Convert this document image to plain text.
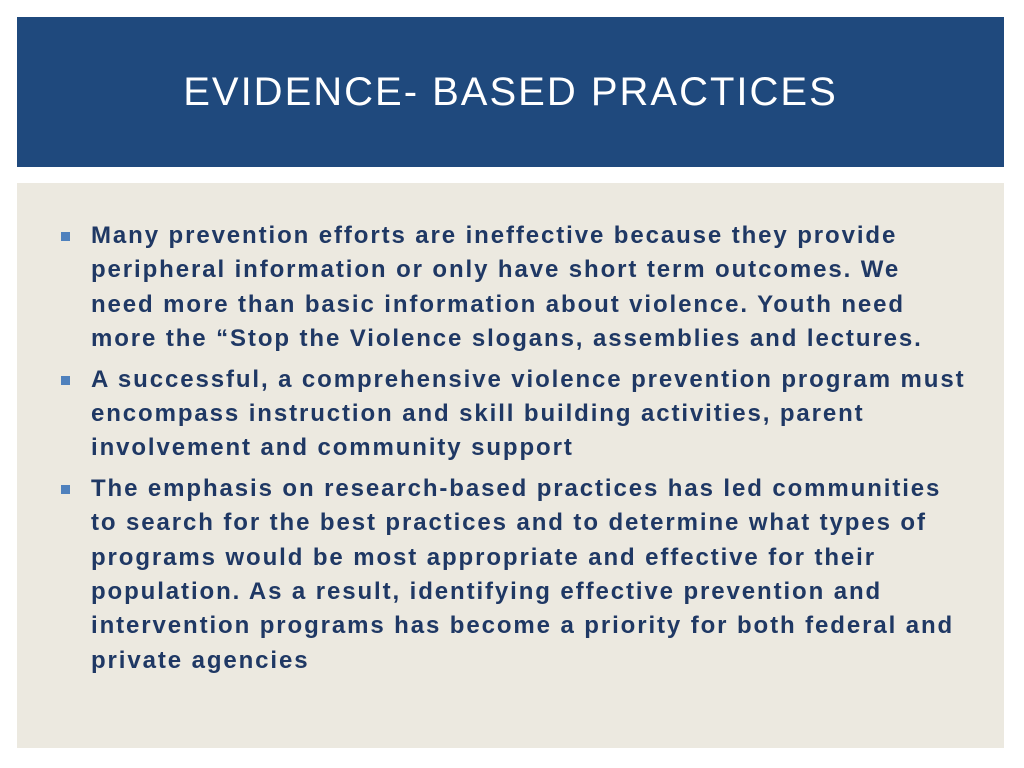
EVIDENCE- BASED PRACTICES
Many prevention efforts are ineffective because they provide peripheral information or only have short term outcomes. We need more than basic information about violence. Youth need more the “Stop the Violence slogans, assemblies and lectures.
A successful, a comprehensive violence prevention program must encompass instruction and skill building activities, parent involvement and community support
The emphasis on research-based practices has led communities to search for the best practices and to determine what types of programs would be most appropriate and effective for their population. As a result, identifying effective prevention and intervention programs has become a priority for both federal and private agencies
